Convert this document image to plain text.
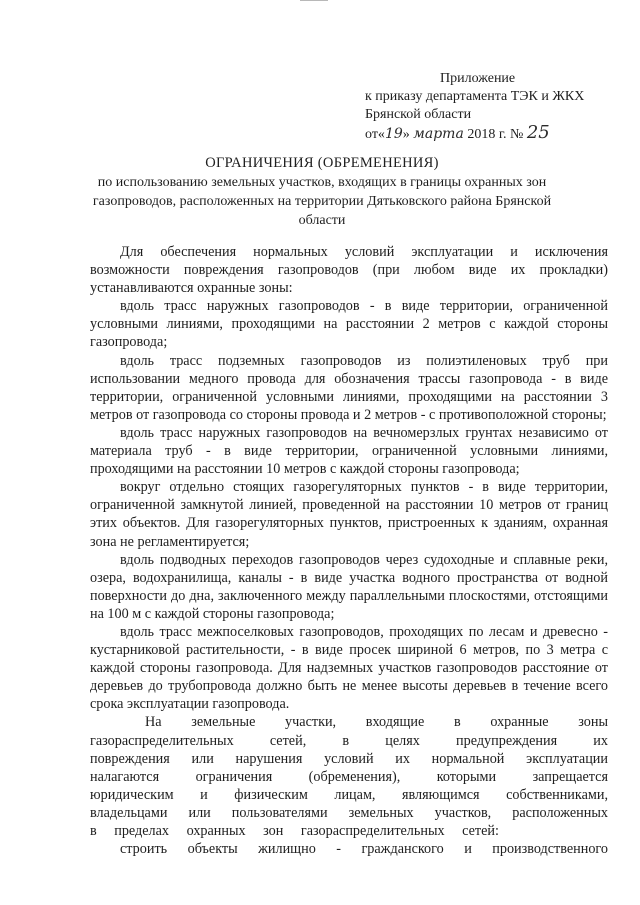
Приложение
к приказу департамента ТЭК и ЖКХ
Брянской области
от«19» марта 2018 г. № 25
ОГРАНИЧЕНИЯ (ОБРЕМЕНЕНИЯ)
по использованию земельных участков, входящих в границы охранных зон газопроводов, расположенных на территории Дятьковского района Брянской области

Для обеспечения нормальных условий эксплуатации и исключения возможности повреждения газопроводов (при любом виде их прокладки) устанавливаются охранные зоны:

вдоль трасс наружных газопроводов - в виде территории, ограниченной условными линиями, проходящими на расстоянии 2 метров с каждой стороны газопровода;

вдоль трасс подземных газопроводов из полиэтиленовых труб при использовании медного провода для обозначения трассы газопровода - в виде территории, ограниченной условными линиями, проходящими на расстоянии 3 метров от газопровода со стороны провода и 2 метров - с противоположной стороны;

вдоль трасс наружных газопроводов на вечномерзлых грунтах независимо от материала труб - в виде территории, ограниченной условными линиями, проходящими на расстоянии 10 метров с каждой стороны газопровода;

вокруг отдельно стоящих газорегуляторных пунктов - в виде территории, ограниченной замкнутой линией, проведенной на расстоянии 10 метров от границ этих объектов. Для газорегуляторных пунктов, пристроенных к зданиям, охранная зона не регламентируется;

вдоль подводных переходов газопроводов через судоходные и сплавные реки, озера, водохранилища, каналы - в виде участка водного пространства от водной поверхности до дна, заключенного между параллельными плоскостями, отстоящими на 100 м с каждой стороны газопровода;

вдоль трасс межпоселковых газопроводов, проходящих по лесам и древесно - кустарниковой растительности, - в виде просек шириной 6 метров, по 3 метра с каждой стороны газопровода. Для надземных участков газопроводов расстояние от деревьев до трубопровода должно быть не менее высоты деревьев в течение всего срока эксплуатации газопровода.

На земельные участки, входящие в охранные зоны газораспределительных сетей, в целях предупреждения их повреждения или нарушения условий их нормальной эксплуатации налагаются ограничения (обременения), которыми запрещается юридическим и физическим лицам, являющимся собственниками, владельцами или пользователями земельных участков, расположенных в пределах охранных зон газораспределительных сетей:

строить объекты жилищно - гражданского и производственного
